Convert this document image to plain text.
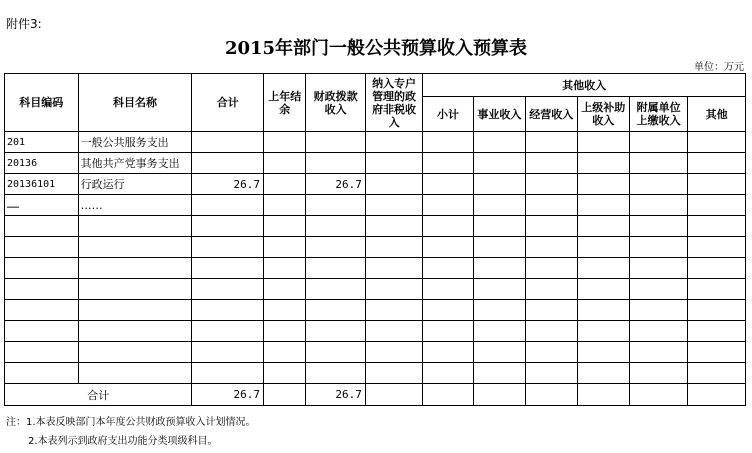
附件3:
2015年部门一般公共预算收入预算表
单位：万元
科目编码	科目名称	合计	上年结余	财政拨款收入	纳入专户管理的政府非税收入	其他收入					
						小计	事业收入	经营收入	上级补助收入	附属单位上缴收入	其他
201	一般公共服务支出										
20136	其他共产党事务支出										
20136101	行政运行	26.7		26.7							
……	……										

合计		26.7		26.7							
注：1.本表反映部门本年度公共财政预算收入计划情况。
2.本表列示到政府支出功能分类项级科目。
